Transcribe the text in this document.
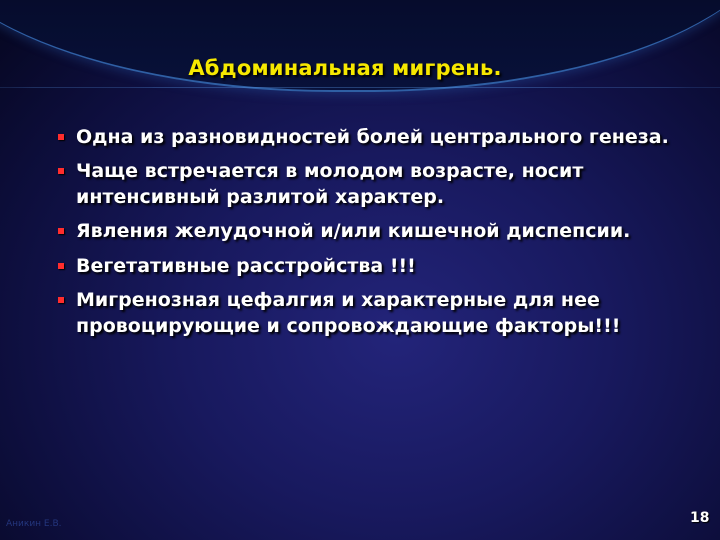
Абдоминальная мигрень.
Одна из разновидностей болей центрального генеза.
Чаще встречается в молодом возрасте, носит интенсивный разлитой характер.
Явления желудочной и/или кишечной диспепсии.
Вегетативные расстройства !!!
Мигренозная цефалгия и характерные для нее провоцирующие и сопровождающие факторы!!!
Аникин Е.В.	18
